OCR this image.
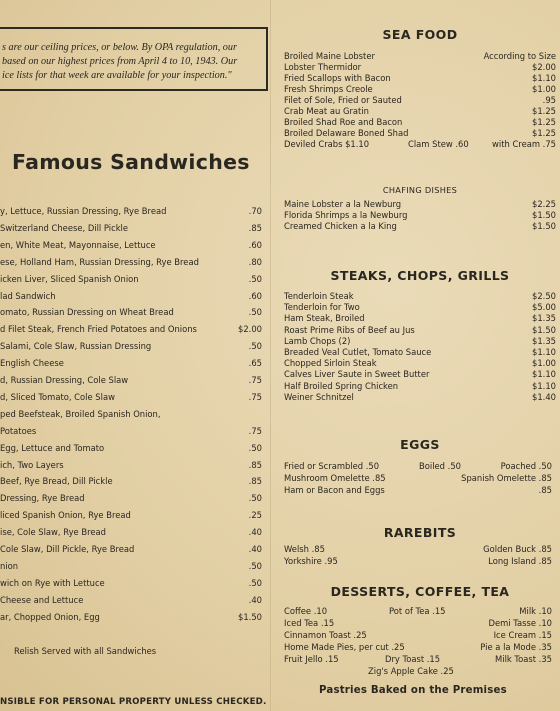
s are our ceiling prices, or below. By OPA regulation, our
based on our highest prices from April 4 to 10, 1943. Our
ice lists for that week are available for your inspection."
Famous Sandwiches
y, Lettuce, Russian Dressing, Rye Bread	.70
Switzerland Cheese, Dill Pickle	.85
en, White Meat, Mayonnaise, Lettuce	.60
ese, Holland Ham, Russian Dressing, Rye Bread	.80
icken Liver, Sliced Spanish Onion	.50
lad Sandwich	.60
omato, Russian Dressing on Wheat Bread	.50
d Filet Steak, French Fried Potatoes and Onions	$2.00
Salami, Cole Slaw, Russian Dressing	.50
English Cheese	.65
d, Russian Dressing, Cole Slaw	.75
d, Sliced Tomato, Cole Slaw	.75
ped Beefsteak, Broiled Spanish Onion,
Potatoes	.75
Egg, Lettuce and Tomato	.50
ich, Two Layers	.85
Beef, Rye Bread, Dill Pickle	.85
Dressing, Rye Bread	.50
liced Spanish Onion, Rye Bread	.25
ise, Cole Slaw, Rye Bread	.40
Cole Slaw, Dill Pickle, Rye Bread	.40
nion	.50
wich on Rye with Lettuce	.50
Cheese and Lettuce	.40
ar, Chopped Onion, Egg	$1.50
Relish Served with all Sandwiches
NSIBLE FOR PERSONAL PROPERTY UNLESS CHECKED.
SEA FOOD
Broiled Maine Lobster	According to Size
Lobster Thermidor	$2.00
Fried Scallops with Bacon	$1.10
Fresh Shrimps Creole	$1.00
Filet of Sole, Fried or Sauted	.95
Crab Meat au Gratin	$1.25
Broiled Shad Roe and Bacon	$1.25
Broiled Delaware Boned Shad	$1.25
Deviled Crabs $1.10	Clam Stew .60	with Cream .75
CHAFING DISHES
Maine Lobster a la Newburg	$2.25
Florida Shrimps a la Newburg	$1.50
Creamed Chicken a la King	$1.50
STEAKS, CHOPS, GRILLS
Tenderloin Steak	$2.50
Tenderloin for Two	$5.00
Ham Steak, Broiled	$1.35
Roast Prime Ribs of Beef au Jus	$1.50
Lamb Chops (2)	$1.35
Breaded Veal Cutlet, Tomato Sauce	$1.10
Chopped Sirloin Steak	$1.00
Calves Liver Saute in Sweet Butter	$1.10
Half Broiled Spring Chicken	$1.10
Weiner Schnitzel	$1.40
EGGS
Fried or Scrambled .50	Boiled .50	Poached .50
Mushroom Omelette .85	Spanish Omelette .85
Ham or Bacon and Eggs	.85
RAREBITS
Welsh .85	Golden Buck .85
Yorkshire .95	Long Island .85
DESSERTS, COFFEE, TEA
Coffee .10	Pot of Tea .15	Milk .10
Iced Tea .15	Demi Tasse .10
Cinnamon Toast .25	Ice Cream .15
Home Made Pies, per cut .25	Pie a la Mode .35
Fruit Jello .15	Dry Toast .15	Milk Toast .35
Zig's Apple Cake .25
Pastries Baked on the Premises
